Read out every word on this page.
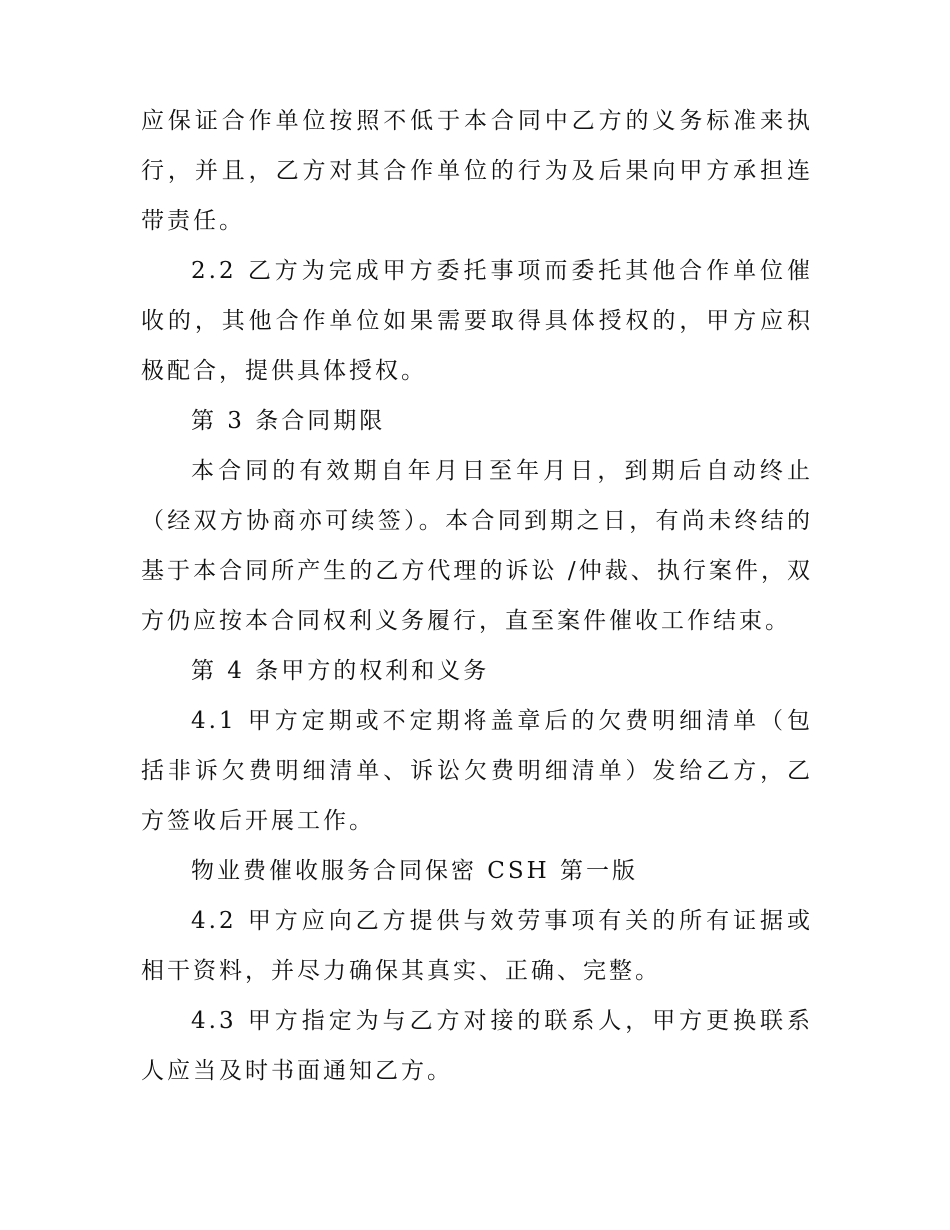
应保证合作单位按照不低于本合同中乙方的义务标准来执行，并且，乙方对其合作单位的行为及后果向甲方承担连带责任。

2.2 乙方为完成甲方委托事项而委托其他合作单位催收的，其他合作单位如果需要取得具体授权的，甲方应积极配合，提供具体授权。

第 3 条合同期限

本合同的有效期自年月日至年月日，到期后自动终止（经双方协商亦可续签）。本合同到期之日，有尚未终结的基于本合同所产生的乙方代理的诉讼 /仲裁、执行案件，双方仍应按本合同权利义务履行，直至案件催收工作结束。

第 4 条甲方的权利和义务

4.1 甲方定期或不定期将盖章后的欠费明细清单（包括非诉欠费明细清单、诉讼欠费明细清单）发给乙方，乙方签收后开展工作。

物业费催收服务合同保密 CSH 第一版

4.2 甲方应向乙方提供与效劳事项有关的所有证据或相干资料，并尽力确保其真实、正确、完整。

4.3 甲方指定为与乙方对接的联系人，甲方更换联系人应当及时书面通知乙方。
